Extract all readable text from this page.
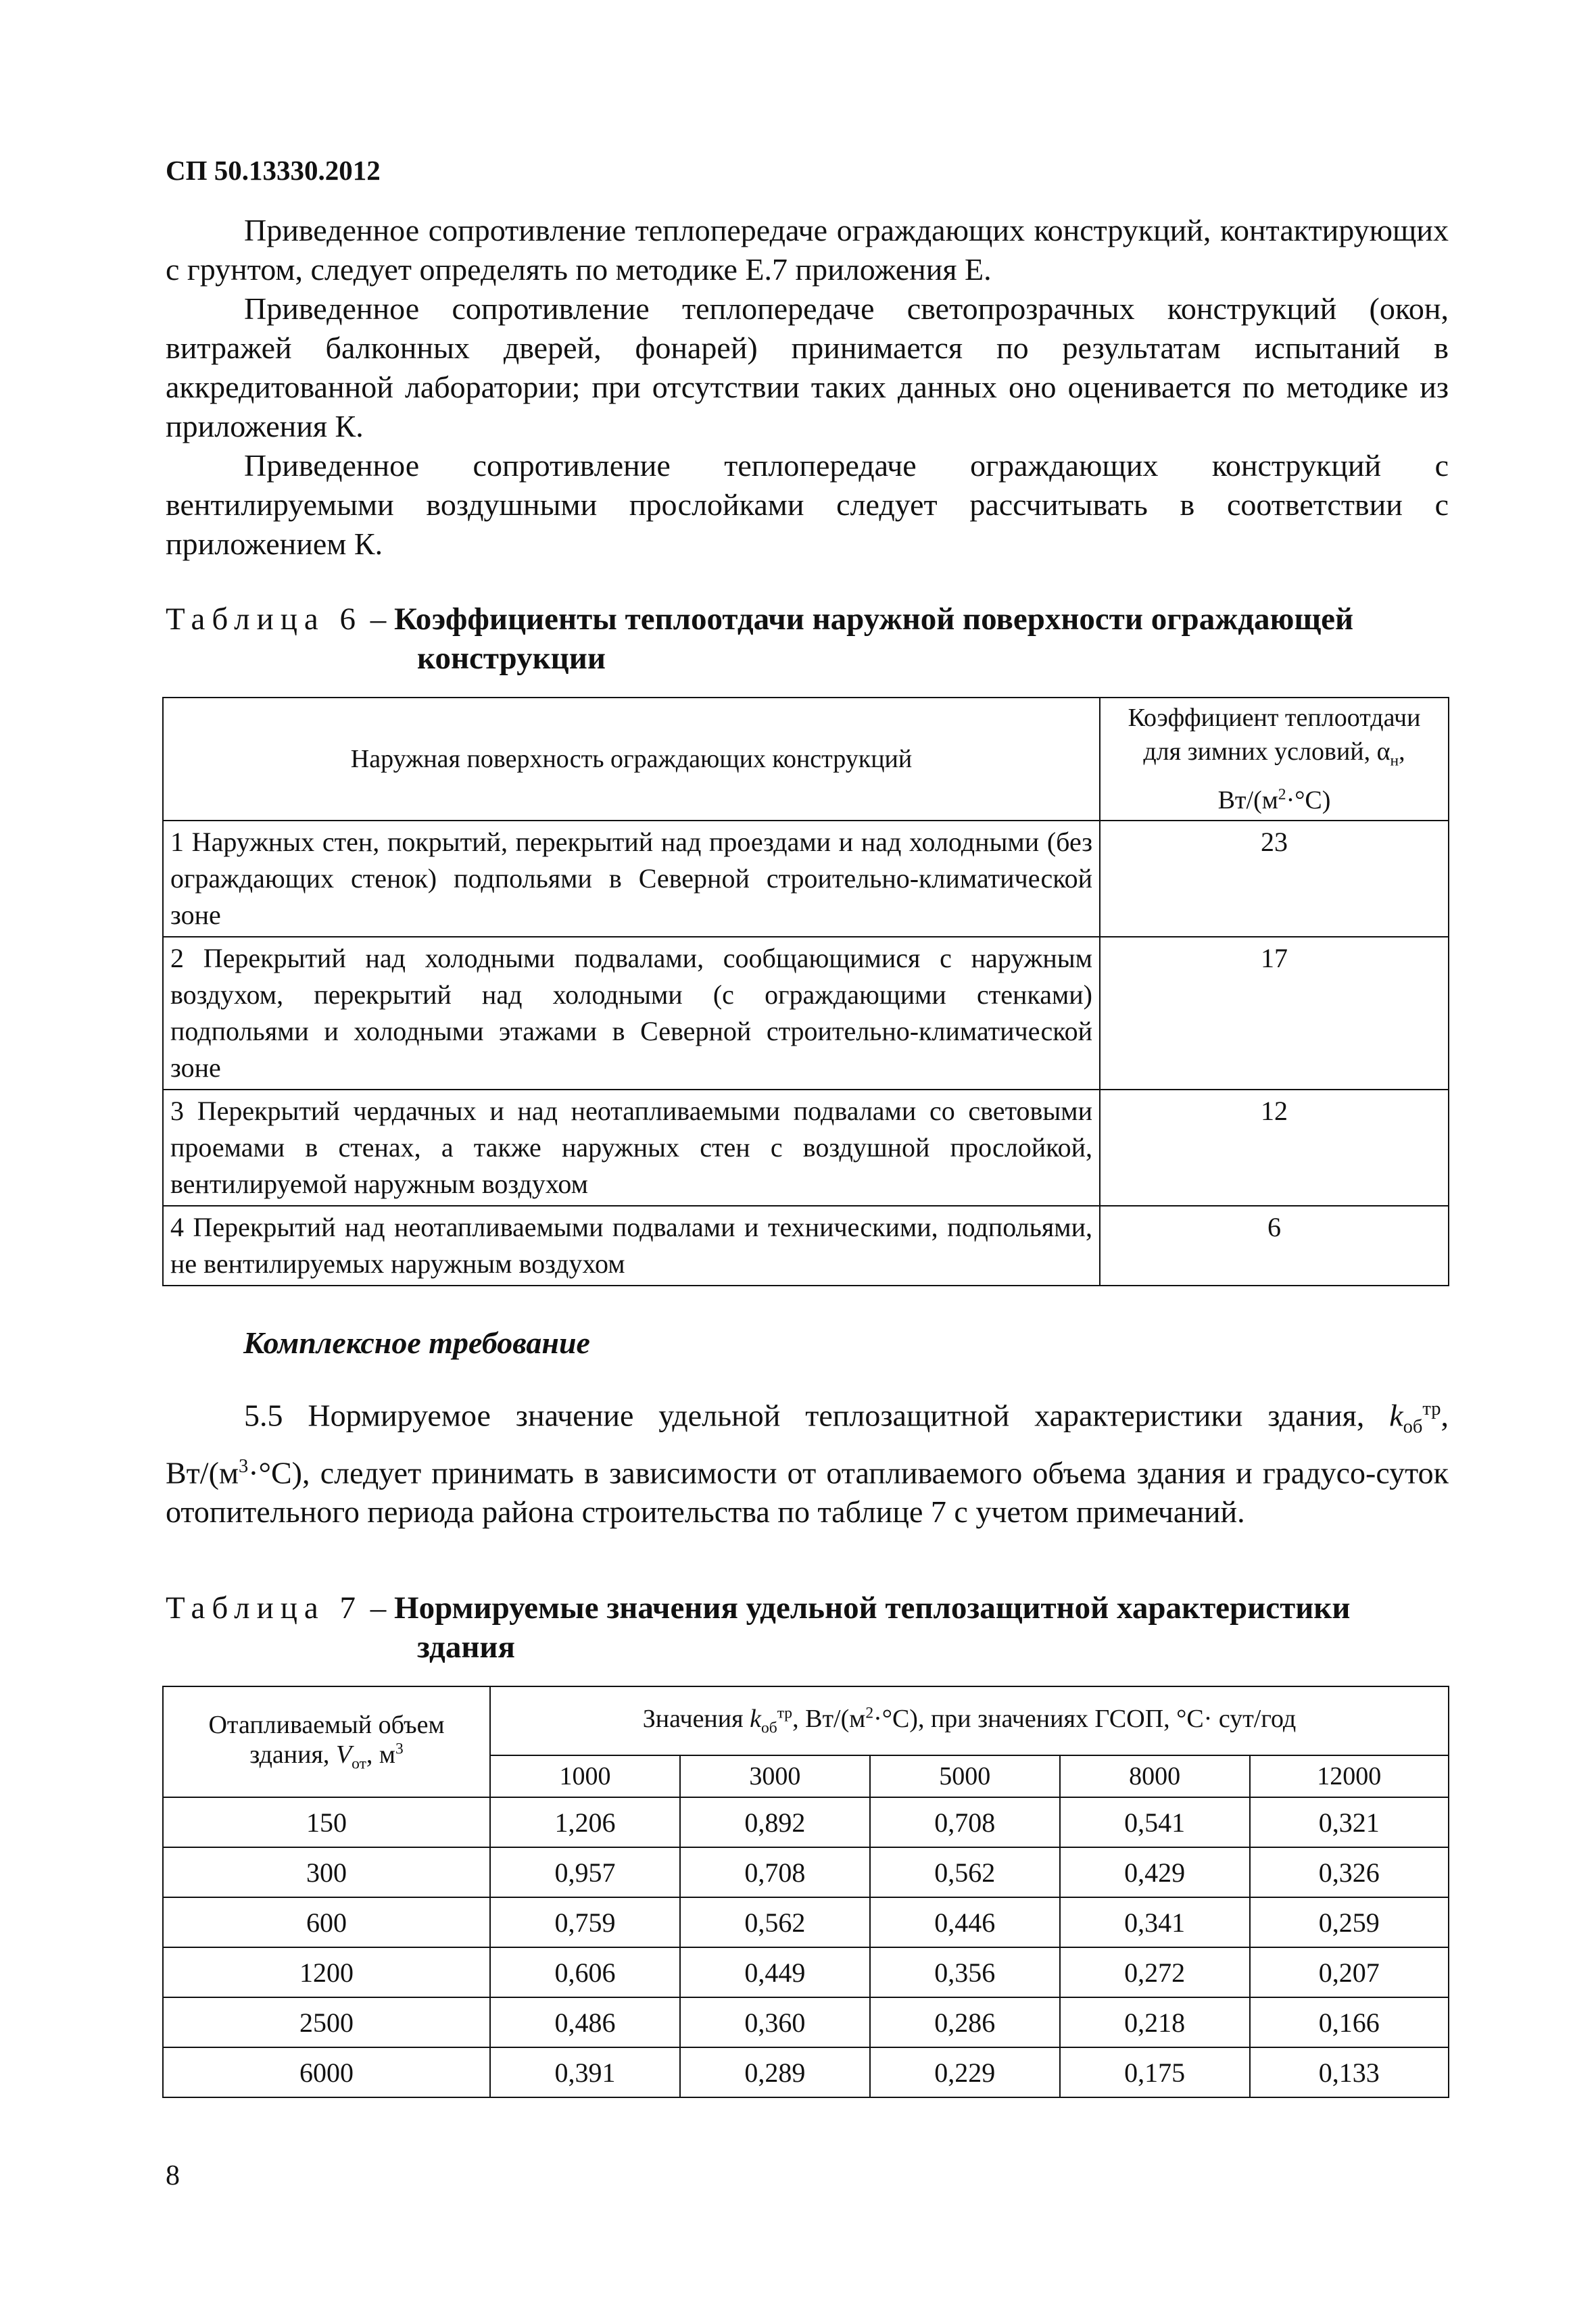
СП 50.13330.2012

Приведенное сопротивление теплопередаче ограждающих конструкций, контактирующих с грунтом, следует определять по методике Е.7 приложения Е.

Приведенное сопротивление теплопередаче светопрозрачных конструкций (окон, витражей балконных дверей, фонарей) принимается по результатам испытаний в аккредитованной лаборатории; при отсутствии таких данных оно оценивается по методике из приложения К.

Приведенное сопротивление теплопередаче ограждающих конструкций с вентилируемыми воздушными прослойками следует рассчитывать в соответствии с приложением К.

Таблица 6 – Коэффициенты теплоотдачи наружной поверхности ограждающей
конструкции
Наружная поверхность ограждающих конструкций	Коэффициент теплоотдачи для зимних условий, $\alpha_н$,
$Вт/(м^2\cdot^\circ С)$
1 Наружных стен, покрытий, перекрытий над проездами и над холодными (без ограждающих стенок) подпольями в Северной строительно-климатической зоне	23
2 Перекрытий над холодными подвалами, сообщающимися с наружным воздухом, перекрытий над холодными (с ограждающими стенками) подпольями и холодными этажами в Северной строительно-климатической зоне	17
3 Перекрытий чердачных и над неотапливаемыми подвалами со световыми проемами в стенах, а также наружных стен с воздушной прослойкой, вентилируемой наружным воздухом	12
4 Перекрытий над неотапливаемыми подвалами и техническими, подпольями, не вентилируемых наружным воздухом	6
Комплексное требование

5.5 Нормируемое значение удельной теплозащитной характеристики здания, $k_{об}^{тр}$, $Вт/(м^3\cdot^\circ С)$, следует принимать в зависимости от отапливаемого объема здания и градусо-суток отопительного периода района строительства по таблице 7 с учетом примечаний.

Таблица 7 – Нормируемые значения удельной теплозащитной характеристики
здания
Отапливаемый объем
здания, $V_{от}$, $м^3$	Значения $k_{об}^{тр}$, $Вт/(м^2\cdot^\circ С)$, при значениях ГСОП, °С· сут/год				
	1000	3000	5000	8000	12000
150	1,206	0,892	0,708	0,541	0,321
300	0,957	0,708	0,562	0,429	0,326
600	0,759	0,562	0,446	0,341	0,259
1200	0,606	0,449	0,356	0,272	0,207
2500	0,486	0,360	0,286	0,218	0,166
6000	0,391	0,289	0,229	0,175	0,133
8
